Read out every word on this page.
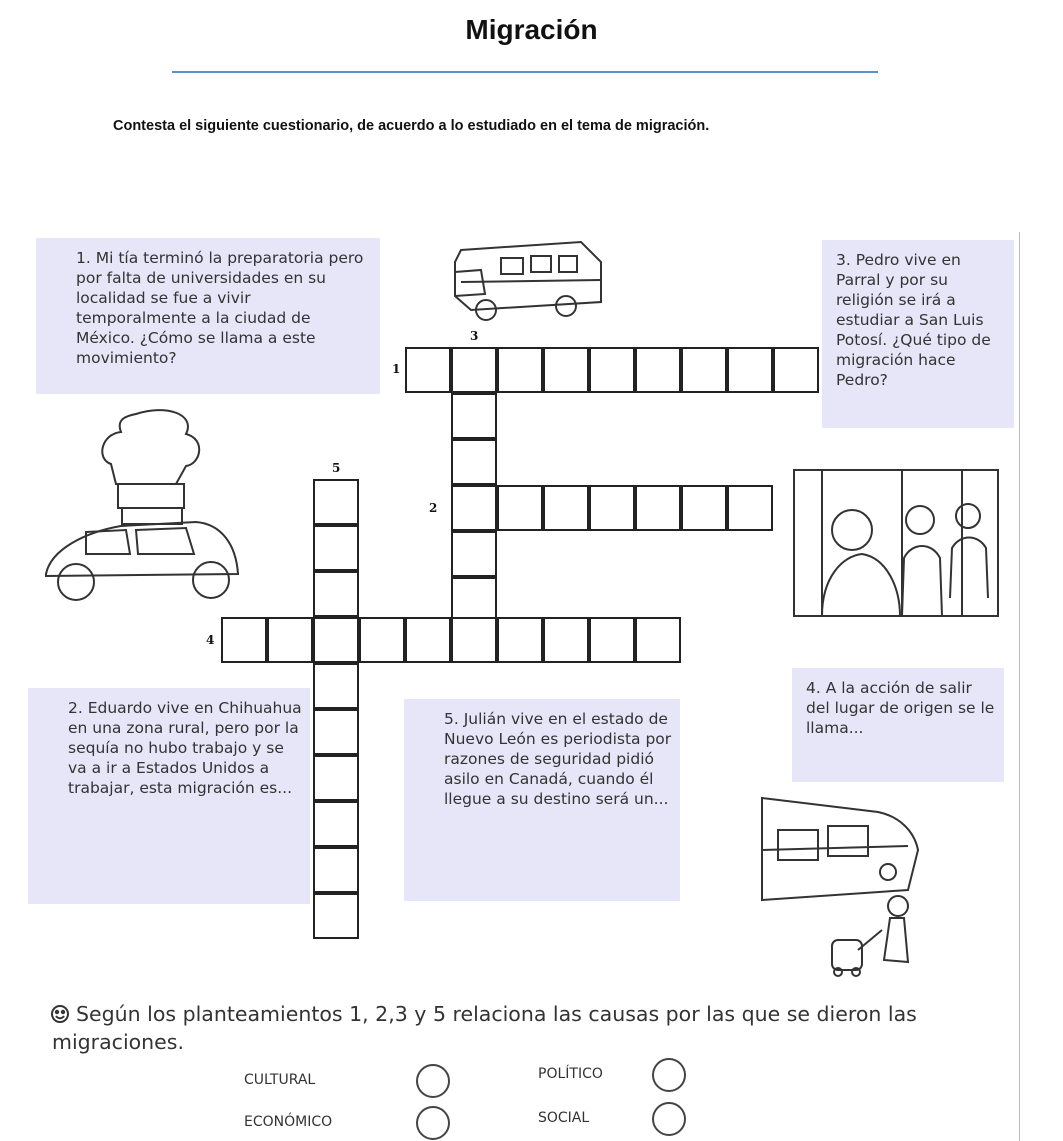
Migración
Contesta el siguiente cuestionario, de acuerdo a lo estudiado en el tema de migración.
1. Mi tía terminó la preparatoria pero por falta de universidades en su localidad se fue a vivir temporalmente a la ciudad de México. ¿Cómo se llama a este movimiento?
3. Pedro vive en Parral y por su religión se irá a estudiar a San Luis Potosí. ¿Qué tipo de migración hace Pedro?
2. Eduardo vive en Chihuahua en una zona rural, pero por la sequía no hubo trabajo y se va a ir a Estados Unidos a trabajar, esta migración es...
5. Julián vive en el estado de Nuevo León es periodista por razones de seguridad pidió asilo en Canadá, cuando él llegue a su destino será un...
4. A la acción de salir del lugar de origen se le llama...
1
2
3
4
5
Según los planteamientos 1, 2,3 y 5 relaciona las causas por las que se dieron las migraciones.
CULTURAL	POLÍTICO
ECONÓMICO	SOCIAL
